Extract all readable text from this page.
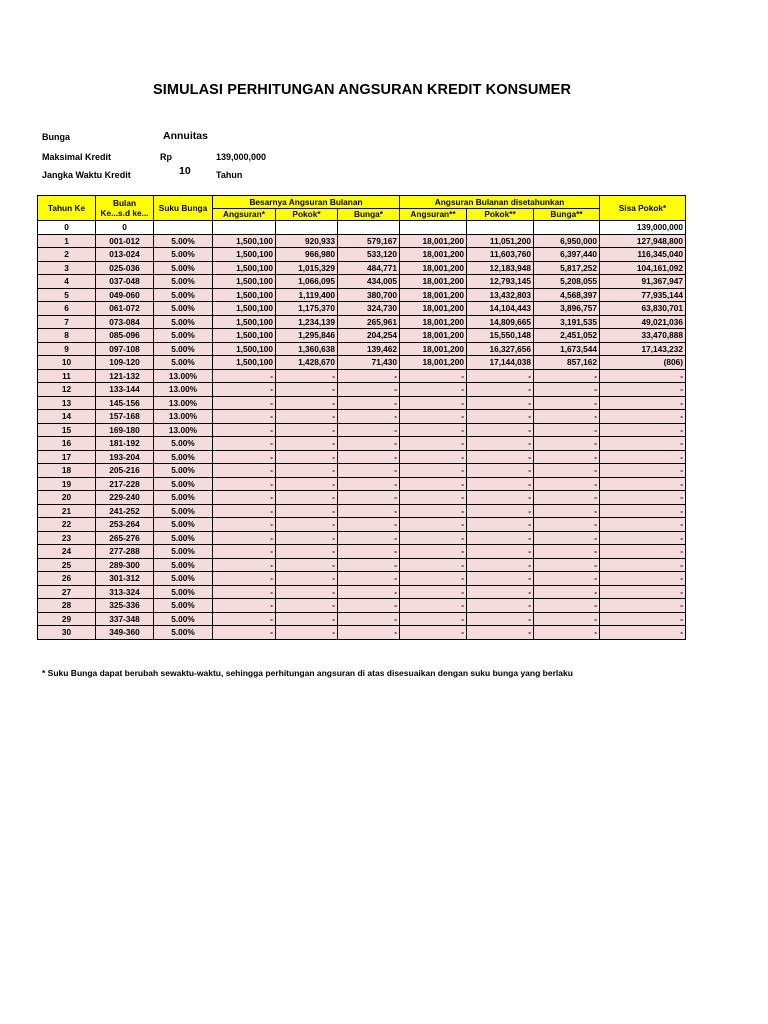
SIMULASI PERHITUNGAN ANGSURAN KREDIT KONSUMER
Bunga	Annuitas
Maksimal Kredit	Rp	139,000,000
Jangka Waktu Kredit	10	Tahun
Tahun Ke	Bulan Ke...s.d ke...	Suku Bunga	Besarnya Angsuran Bulanan			Angsuran Bulanan disetahunkan			Sisa Pokok*
			Angsuran*	Pokok*	Bunga*	Angsuran**	Pokok**	Bunga**	
0	0								139,000,000
1	001-012	5.00%	1,500,100	920,933	579,167	18,001,200	11,051,200	6,950,000	127,948,800
2	013-024	5.00%	1,500,100	966,980	533,120	18,001,200	11,603,760	6,397,440	116,345,040
3	025-036	5.00%	1,500,100	1,015,329	484,771	18,001,200	12,183,948	5,817,252	104,161,092
4	037-048	5.00%	1,500,100	1,066,095	434,005	18,001,200	12,793,145	5,208,055	91,367,947
5	049-060	5.00%	1,500,100	1,119,400	380,700	18,001,200	13,432,803	4,568,397	77,935,144
6	061-072	5.00%	1,500,100	1,175,370	324,730	18,001,200	14,104,443	3,896,757	63,830,701
7	073-084	5.00%	1,500,100	1,234,139	265,961	18,001,200	14,809,665	3,191,535	49,021,036
8	085-096	5.00%	1,500,100	1,295,846	204,254	18,001,200	15,550,148	2,451,052	33,470,888
9	097-108	5.00%	1,500,100	1,360,638	139,462	18,001,200	16,327,656	1,673,544	17,143,232
10	109-120	5.00%	1,500,100	1,428,670	71,430	18,001,200	17,144,038	857,162	(806)
11	121-132	13.00%	-	-	-	-	-	-	-
12	133-144	13.00%	-	-	-	-	-	-	-
13	145-156	13.00%	-	-	-	-	-	-	-
14	157-168	13.00%	-	-	-	-	-	-	-
15	169-180	13.00%	-	-	-	-	-	-	-
16	181-192	5.00%	-	-	-	-	-	-	-
17	193-204	5.00%	-	-	-	-	-	-	-
18	205-216	5.00%	-	-	-	-	-	-	-
19	217-228	5.00%	-	-	-	-	-	-	-
20	229-240	5.00%	-	-	-	-	-	-	-
21	241-252	5.00%	-	-	-	-	-	-	-
22	253-264	5.00%	-	-	-	-	-	-	-
23	265-276	5.00%	-	-	-	-	-	-	-
24	277-288	5.00%	-	-	-	-	-	-	-
25	289-300	5.00%	-	-	-	-	-	-	-
26	301-312	5.00%	-	-	-	-	-	-	-
27	313-324	5.00%	-	-	-	-	-	-	-
28	325-336	5.00%	-	-	-	-	-	-	-
29	337-348	5.00%	-	-	-	-	-	-	-
30	349-360	5.00%	-	-	-	-	-	-	-
* Suku Bunga dapat berubah sewaktu-waktu, sehingga perhitungan angsuran di atas disesuaikan dengan suku bunga yang berlaku
